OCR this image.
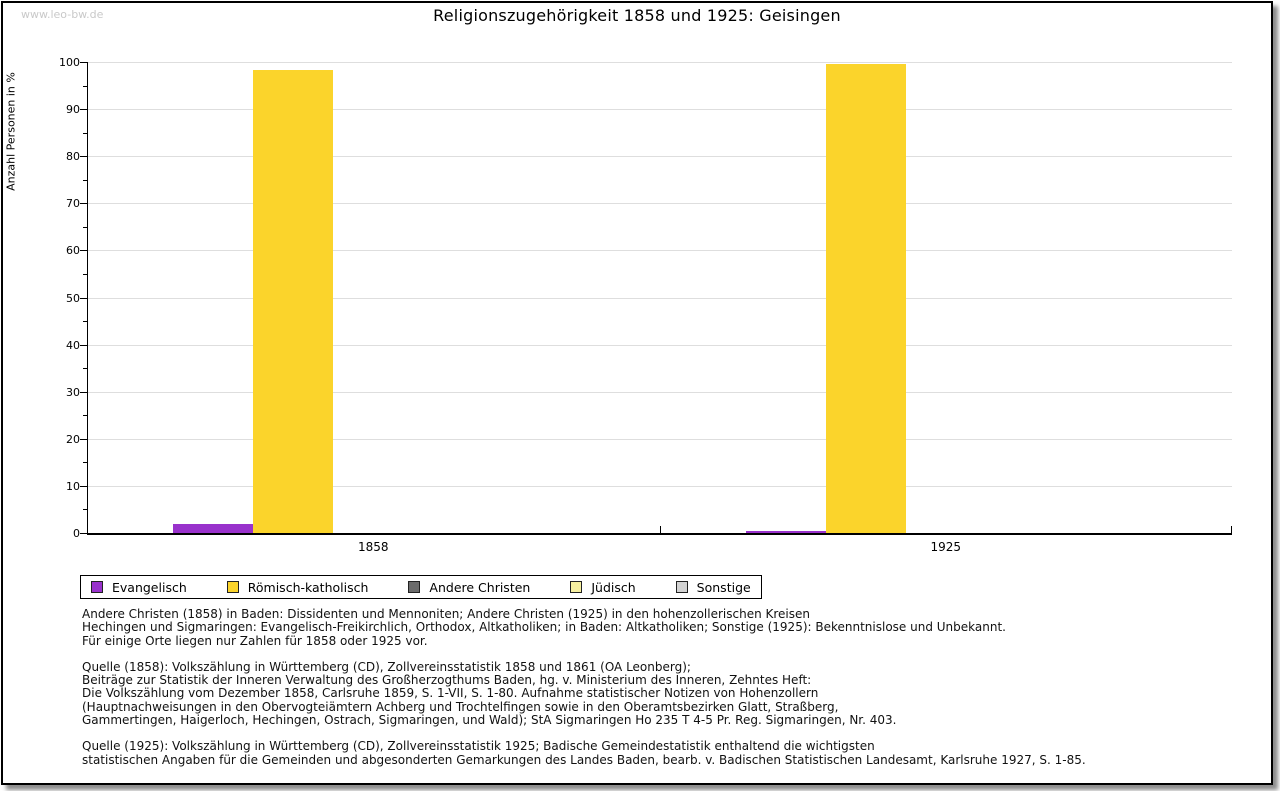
www.leo-bw.de	Religionszugehörigkeit 1858 und 1925: Geisingen
Anzahl Personen in %
0
10
20
30
40
50
60
70
80
90
100
1858	1925
Evangelisch	Römisch-katholisch	Andere Christen	Jüdisch	Sonstige
Andere Christen (1858) in Baden: Dissidenten und Mennoniten; Andere Christen (1925) in den hohenzollerischen Kreisen
Hechingen und Sigmaringen: Evangelisch-Freikirchlich, Orthodox, Altkatholiken; in Baden: Altkatholiken; Sonstige (1925): Bekenntnislose und Unbekannt.
Für einige Orte liegen nur Zahlen für 1858 oder 1925 vor.
Quelle (1858): Volkszählung in Württemberg (CD), Zollvereinsstatistik 1858 und 1861 (OA Leonberg);
Beiträge zur Statistik der Inneren Verwaltung des Großherzogthums Baden, hg. v. Ministerium des Inneren, Zehntes Heft:
Die Volkszählung vom Dezember 1858, Carlsruhe 1859, S. 1-VII, S. 1-80. Aufnahme statistischer Notizen von Hohenzollern
(Hauptnachweisungen in den Obervogteiämtern Achberg und Trochtelfingen sowie in den Oberamtsbezirken Glatt, Straßberg,
Gammertingen, Haigerloch, Hechingen, Ostrach, Sigmaringen, und Wald); StA Sigmaringen Ho 235 T 4-5 Pr. Reg. Sigmaringen, Nr. 403.
Quelle (1925): Volkszählung in Württemberg (CD), Zollvereinsstatistik 1925; Badische Gemeindestatistik enthaltend die wichtigsten
statistischen Angaben für die Gemeinden und abgesonderten Gemarkungen des Landes Baden, bearb. v. Badischen Statistischen Landesamt, Karlsruhe 1927, S. 1-85.
